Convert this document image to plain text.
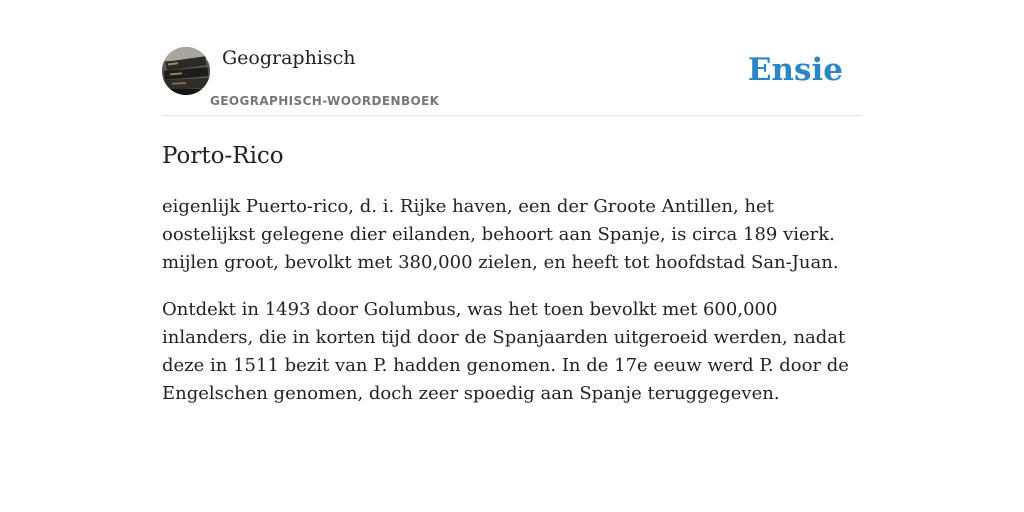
Geographisch
GEOGRAPHISCH-WOORDENBOEK
Ensie
Porto-Rico

eigenlijk Puerto-rico, d. i. Rijke haven, een der Groote Antillen, het oostelijkst gelegene dier eilanden, behoort aan Spanje, is circa 189 vierk. mijlen groot, bevolkt met 380,000 zielen, en heeft tot hoofdstad San-Juan.

Ontdekt in 1493 door Golumbus, was het toen bevolkt met 600,000 inlanders, die in korten tijd door de Spanjaarden uitgeroeid werden, nadat deze in 1511 bezit van P. hadden genomen. In de 17e eeuw werd P. door de Engelschen genomen, doch zeer spoedig aan Spanje teruggegeven.
